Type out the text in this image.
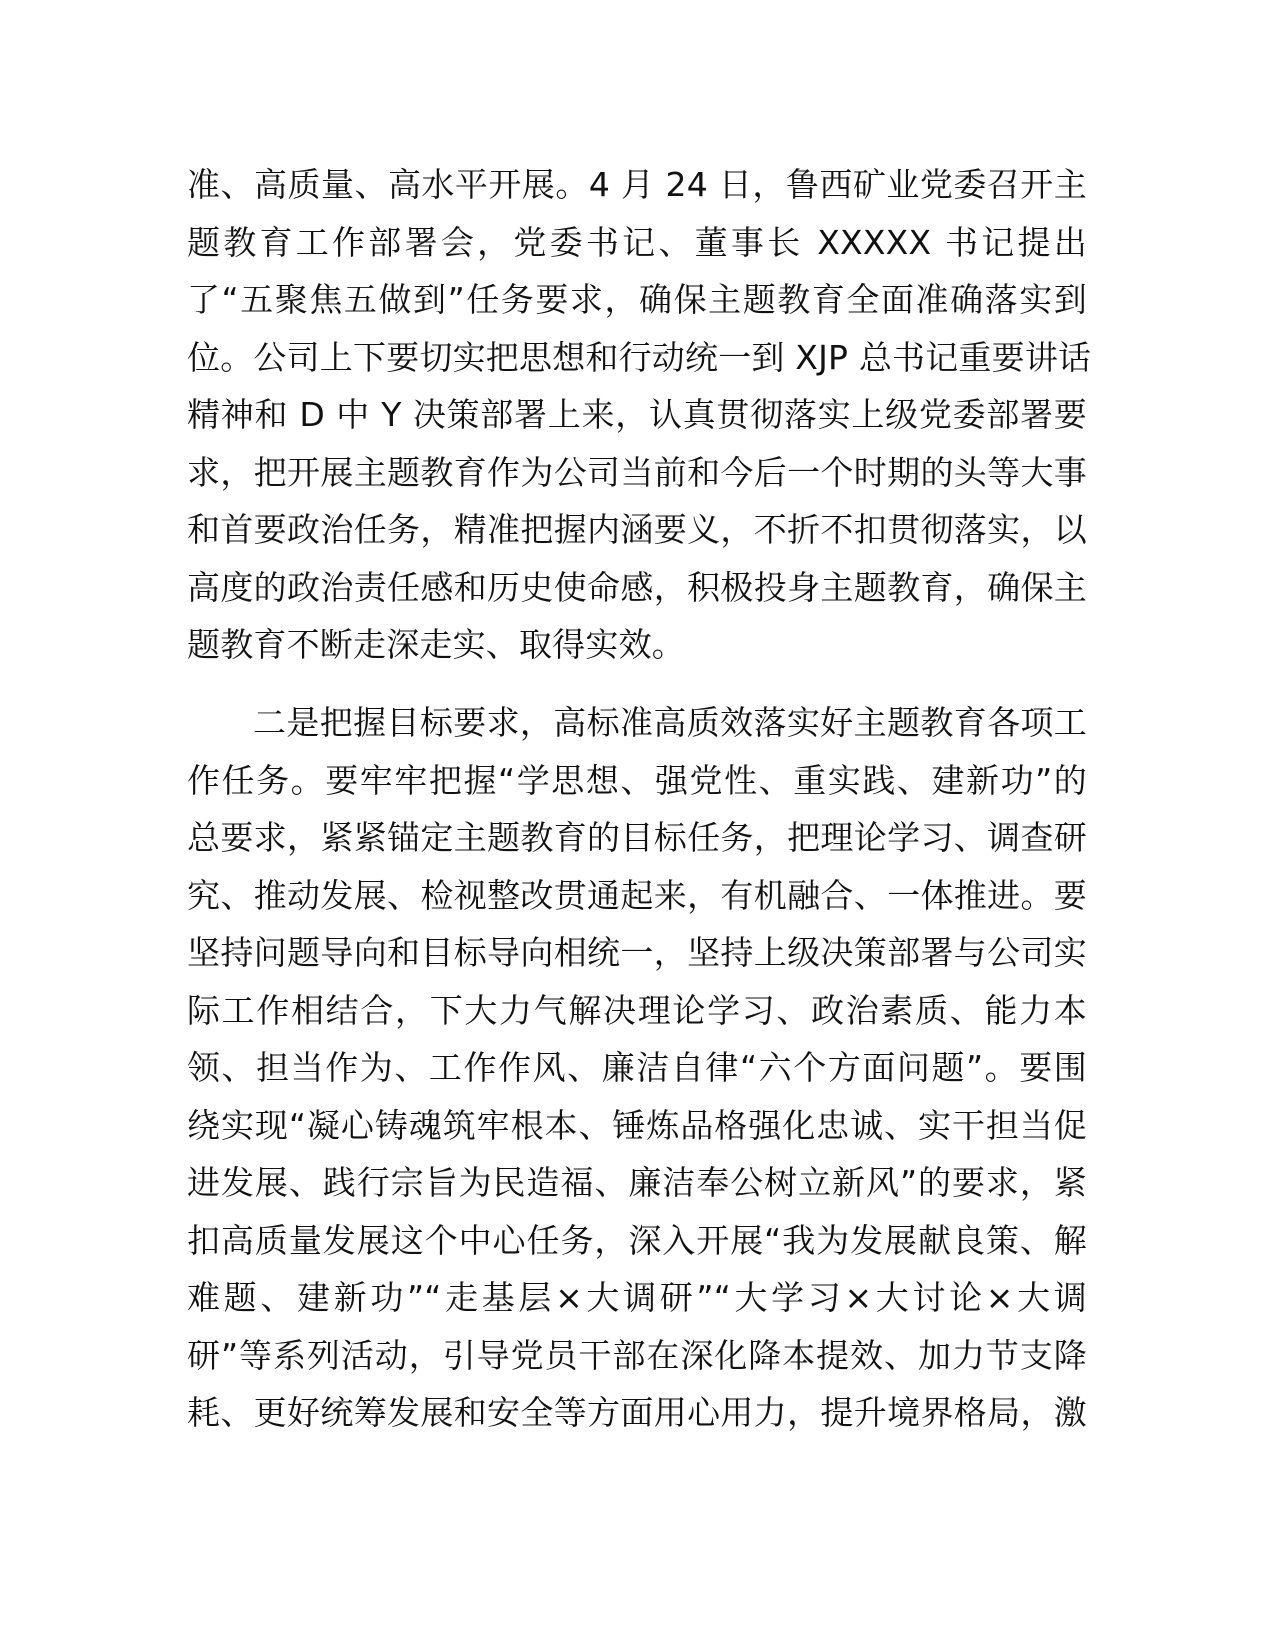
准、高质量、高水平开展。4 月 24 日，鲁西矿业党委召开主
题教育工作部署会，党委书记、董事长 XXXXX 书记提出
了“五聚焦五做到”任务要求，确保主题教育全面准确落实到
位。公司上下要切实把思想和行动统一到 XJP 总书记重要讲话
精神和 D 中 Y 决策部署上来，认真贯彻落实上级党委部署要
求，把开展主题教育作为公司当前和今后一个时期的头等大事
和首要政治任务，精准把握内涵要义，不折不扣贯彻落实，以
高度的政治责任感和历史使命感，积极投身主题教育，确保主
题教育不断走深走实、取得实效。
二是把握目标要求，高标准高质效落实好主题教育各项工
作任务。要牢牢把握“学思想、强党性、重实践、建新功”的
总要求，紧紧锚定主题教育的目标任务，把理论学习、调查研
究、推动发展、检视整改贯通起来，有机融合、一体推进。要
坚持问题导向和目标导向相统一，坚持上级决策部署与公司实
际工作相结合，下大力气解决理论学习、政治素质、能力本
领、担当作为、工作作风、廉洁自律“六个方面问题”。要围
绕实现“凝心铸魂筑牢根本、锤炼品格强化忠诚、实干担当促
进发展、践行宗旨为民造福、廉洁奉公树立新风”的要求，紧
扣高质量发展这个中心任务，深入开展“我为发展献良策、解
难题、建新功”“走基层×大调研”“大学习×大讨论×大调
研”等系列活动，引导党员干部在深化降本提效、加力节支降
耗、更好统筹发展和安全等方面用心用力，提升境界格局，激
